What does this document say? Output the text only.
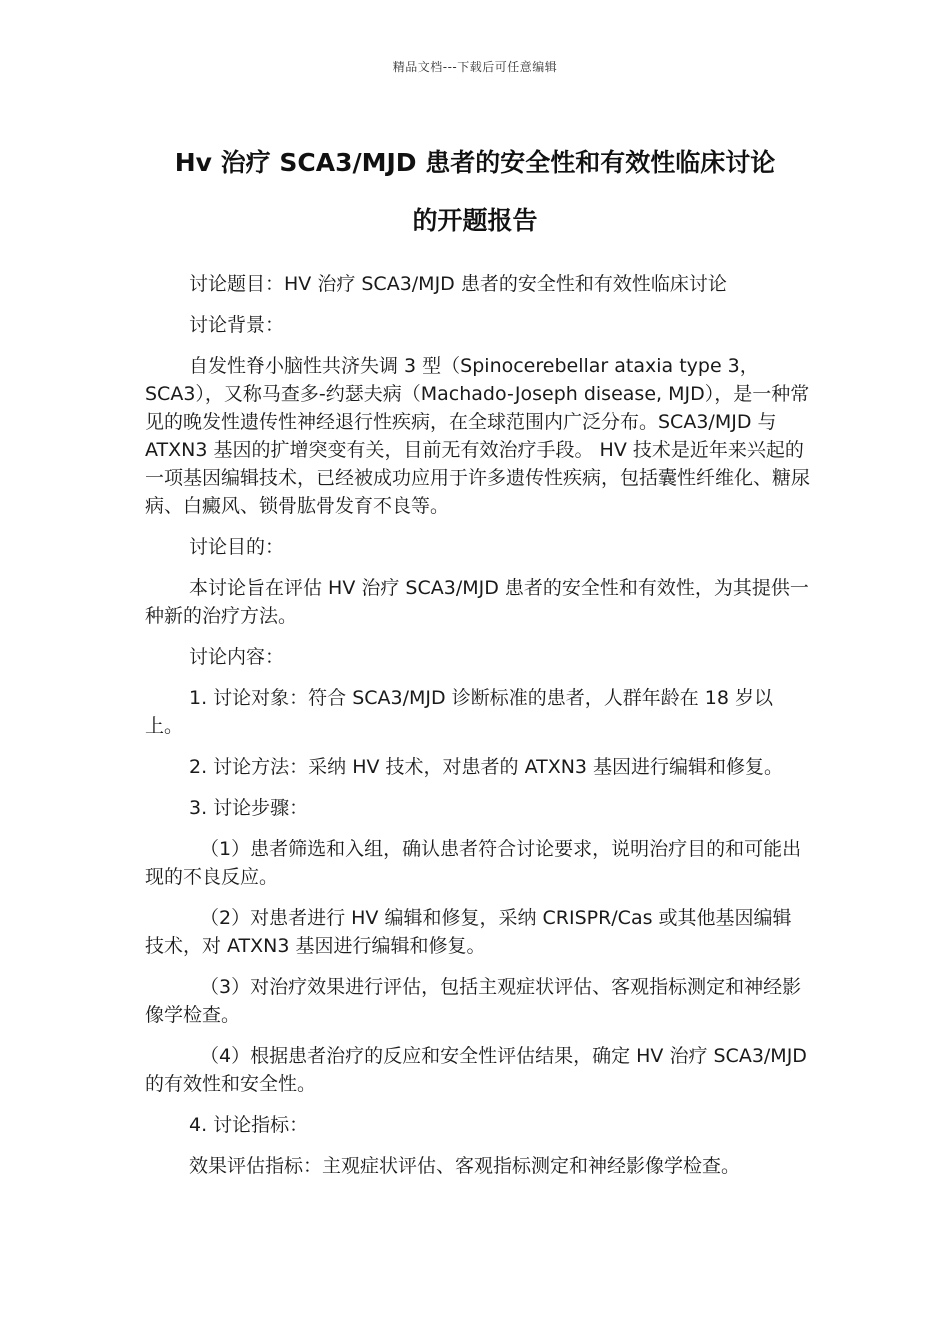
精品文档---下载后可任意编辑
Hv 治疗 SCA3/MJD 患者的安全性和有效性临床讨论
的开题报告

讨论题目：HV 治疗 SCA3/MJD 患者的安全性和有效性临床讨论

讨论背景：

自发性脊小脑性共济失调 3 型（Spinocerebellar ataxia type 3，SCA3），又称马查多-约瑟夫病（Machado-Joseph disease, MJD），是一种常见的晚发性遗传性神经退行性疾病，在全球范围内广泛分布。SCA3/MJD 与 ATXN3 基因的扩增突变有关，目前无有效治疗手段。 HV 技术是近年来兴起的一项基因编辑技术，已经被成功应用于许多遗传性疾病，包括囊性纤维化、糖尿病、白癜风、锁骨肱骨发育不良等。

讨论目的：

本讨论旨在评估 HV 治疗 SCA3/MJD 患者的安全性和有效性，为其提供一种新的治疗方法。

讨论内容：

1. 讨论对象：符合 SCA3/MJD 诊断标准的患者，人群年龄在 18 岁以上。

2. 讨论方法：采纳 HV 技术，对患者的 ATXN3 基因进行编辑和修复。

3. 讨论步骤：

（1）患者筛选和入组，确认患者符合讨论要求，说明治疗目的和可能出现的不良反应。

（2）对患者进行 HV 编辑和修复，采纳 CRISPR/Cas 或其他基因编辑技术，对 ATXN3 基因进行编辑和修复。

（3）对治疗效果进行评估，包括主观症状评估、客观指标测定和神经影像学检查。

（4）根据患者治疗的反应和安全性评估结果，确定 HV 治疗 SCA3/MJD 的有效性和安全性。

4. 讨论指标：

效果评估指标：主观症状评估、客观指标测定和神经影像学检查。
